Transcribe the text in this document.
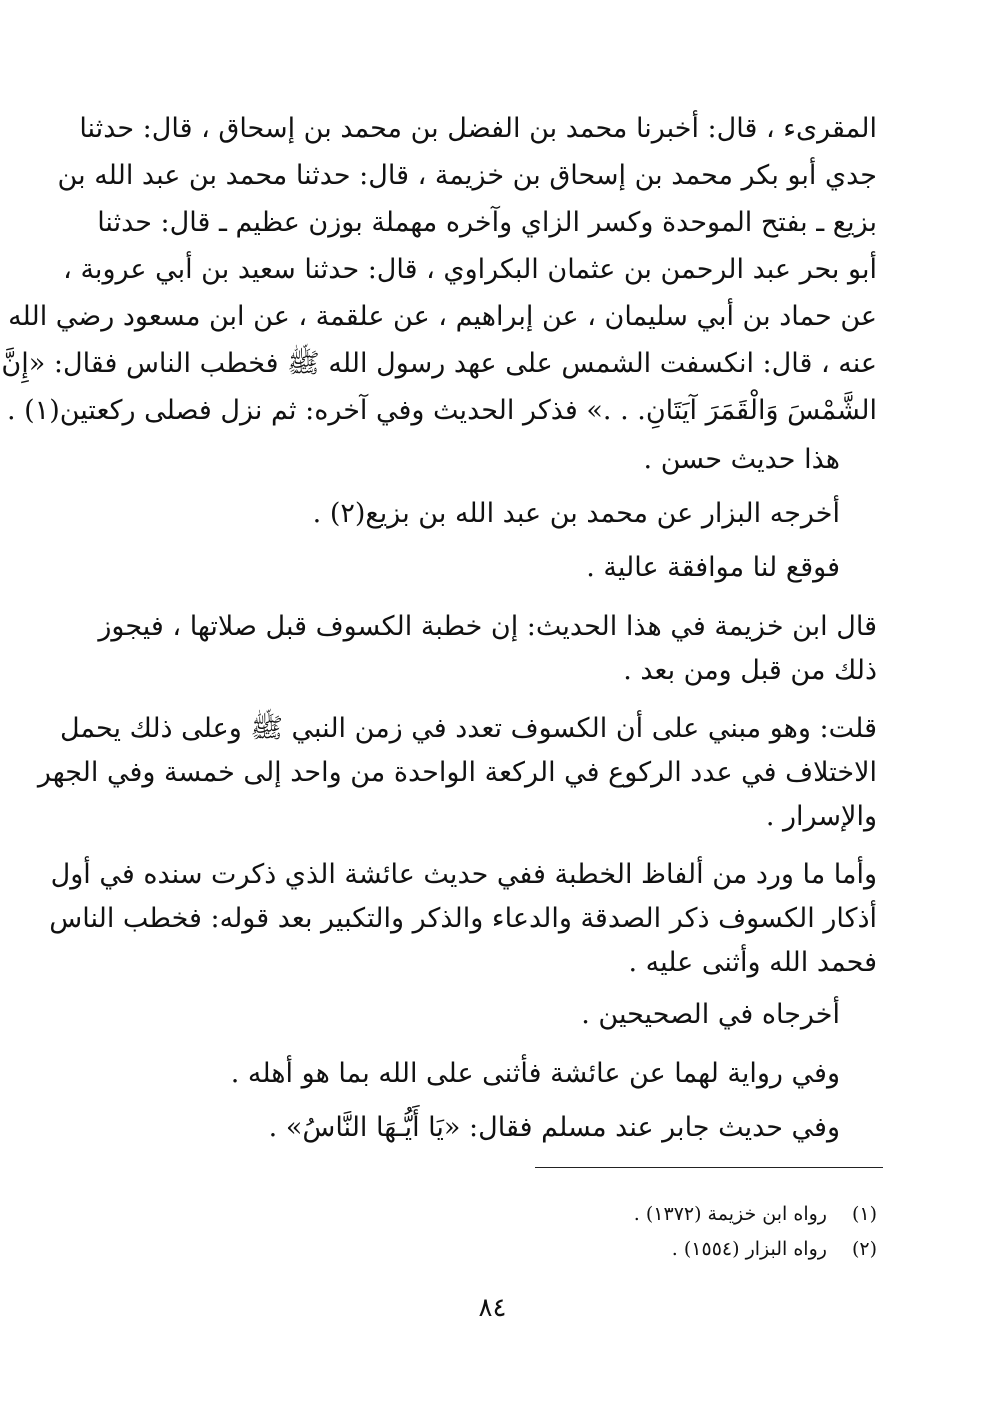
المقرىء ، قال: أخبرنا محمد بن الفضل بن محمد بن إسحاق ، قال: حدثنا
جدي أبو بكر محمد بن إسحاق بن خزيمة ، قال: حدثنا محمد بن عبد الله بن
بزيع ـ بفتح الموحدة وكسر الزاي وآخره مهملة بوزن عظيم ـ قال: حدثنا
أبو بحر عبد الرحمن بن عثمان البكراوي ، قال: حدثنا سعيد بن أبي عروبة ،
عن حماد بن أبي سليمان ، عن إبراهيم ، عن علقمة ، عن ابن مسعود رضي الله
عنه ، قال: انكسفت الشمس على عهد رسول الله ﷺ فخطب الناس فقال: «إِنَّ
الشَّمْسَ وَالْقَمَرَ آيَتَانِ. . .» فذكر الحديث وفي آخره: ثم نزل فصلى ركعتين(١) .
هذا حديث حسن .
أخرجه البزار عن محمد بن عبد الله بن بزيع(٢) .
فوقع لنا موافقة عالية .
قال ابن خزيمة في هذا الحديث: إن خطبة الكسوف قبل صلاتها ، فيجوز
ذلك من قبل ومن بعد .
قلت: وهو مبني على أن الكسوف تعدد في زمن النبي ﷺ وعلى ذلك يحمل
الاختلاف في عدد الركوع في الركعة الواحدة من واحد إلى خمسة وفي الجهر
والإسرار .
وأما ما ورد من ألفاظ الخطبة ففي حديث عائشة الذي ذكرت سنده في أول
أذكار الكسوف ذكر الصدقة والدعاء والذكر والتكبير بعد قوله: فخطب الناس
فحمد الله وأثنى عليه .
أخرجاه في الصحيحين .
وفي رواية لهما عن عائشة فأثنى على الله بما هو أهله .
وفي حديث جابر عند مسلم فقال: «يَا أَيُّـهَا النَّاسُ» .
(١) رواه ابن خزيمة (١٣٧٢) .
(٢) رواه البزار (١٥٥٤) .
٨٤
